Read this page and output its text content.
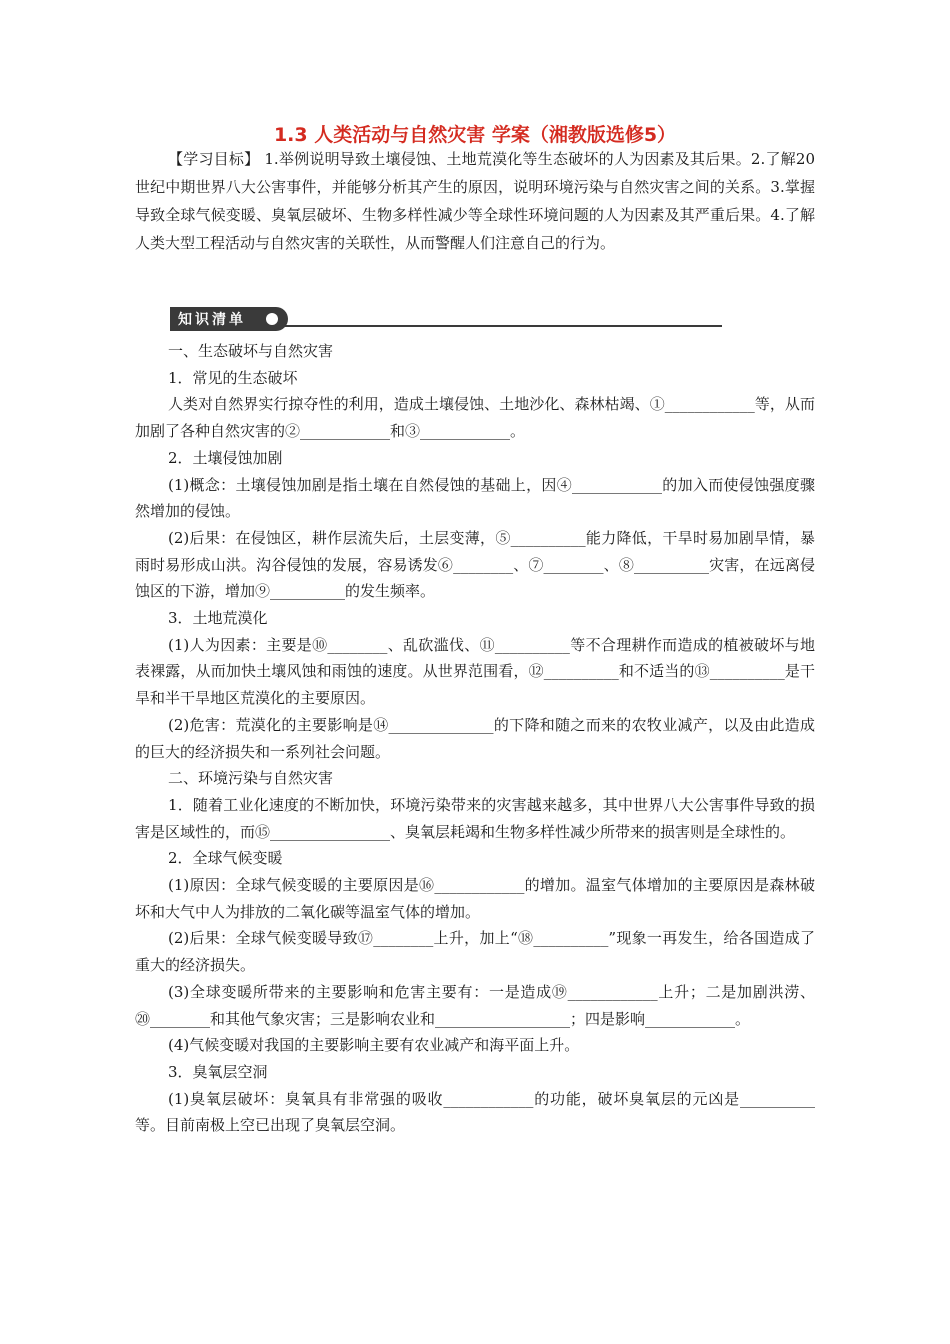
1.3 人类活动与自然灾害 学案（湘教版选修5）
【学习目标】 1.举例说明导致土壤侵蚀、土地荒漠化等生态破坏的人为因素及其后果。2.了解20世纪中期世界八大公害事件，并能够分析其产生的原因，说明环境污染与自然灾害之间的关系。3.掌握导致全球气候变暖、臭氧层破坏、生物多样性减少等全球性环境问题的人为因素及其严重后果。4.了解人类大型工程活动与自然灾害的关联性，从而警醒人们注意自己的行为。
知识清单

一、生态破坏与自然灾害

1．常见的生态破坏

人类对自然界实行掠夺性的利用，造成土壤侵蚀、土地沙化、森林枯竭、①____________等，从而加剧了各种自然灾害的②____________和③____________。

2．土壤侵蚀加剧

(1)概念：土壤侵蚀加剧是指土壤在自然侵蚀的基础上，因④____________的加入而使侵蚀强度骤然增加的侵蚀。

(2)后果：在侵蚀区，耕作层流失后，土层变薄，⑤__________能力降低，干旱时易加剧旱情，暴雨时易形成山洪。沟谷侵蚀的发展，容易诱发⑥________、⑦________、⑧__________灾害，在远离侵蚀区的下游，增加⑨__________的发生频率。

3．土地荒漠化

(1)人为因素：主要是⑩________、乱砍滥伐、⑪__________等不合理耕作而造成的植被破坏与地表裸露，从而加快土壤风蚀和雨蚀的速度。从世界范围看，⑫__________和不适当的⑬__________是干旱和半干旱地区荒漠化的主要原因。

(2)危害：荒漠化的主要影响是⑭______________的下降和随之而来的农牧业减产，以及由此造成的巨大的经济损失和一系列社会问题。

二、环境污染与自然灾害

1．随着工业化速度的不断加快，环境污染带来的灾害越来越多，其中世界八大公害事件导致的损害是区域性的，而⑮________________、臭氧层耗竭和生物多样性减少所带来的损害则是全球性的。

2．全球气候变暖

(1)原因：全球气候变暖的主要原因是⑯____________的增加。温室气体增加的主要原因是森林破坏和大气中人为排放的二氧化碳等温室气体的增加。

(2)后果：全球气候变暖导致⑰________上升，加上“⑱__________”现象一再发生，给各国造成了重大的经济损失。

(3)全球变暖所带来的主要影响和危害主要有：一是造成⑲____________上升；二是加剧洪涝、⑳________和其他气象灾害；三是影响农业和__________________；四是影响____________。

(4)气候变暖对我国的主要影响主要有农业减产和海平面上升。

3．臭氧层空洞

(1)臭氧层破坏：臭氧具有非常强的吸收____________的功能，破坏臭氧层的元凶是__________等。目前南极上空已出现了臭氧层空洞。
